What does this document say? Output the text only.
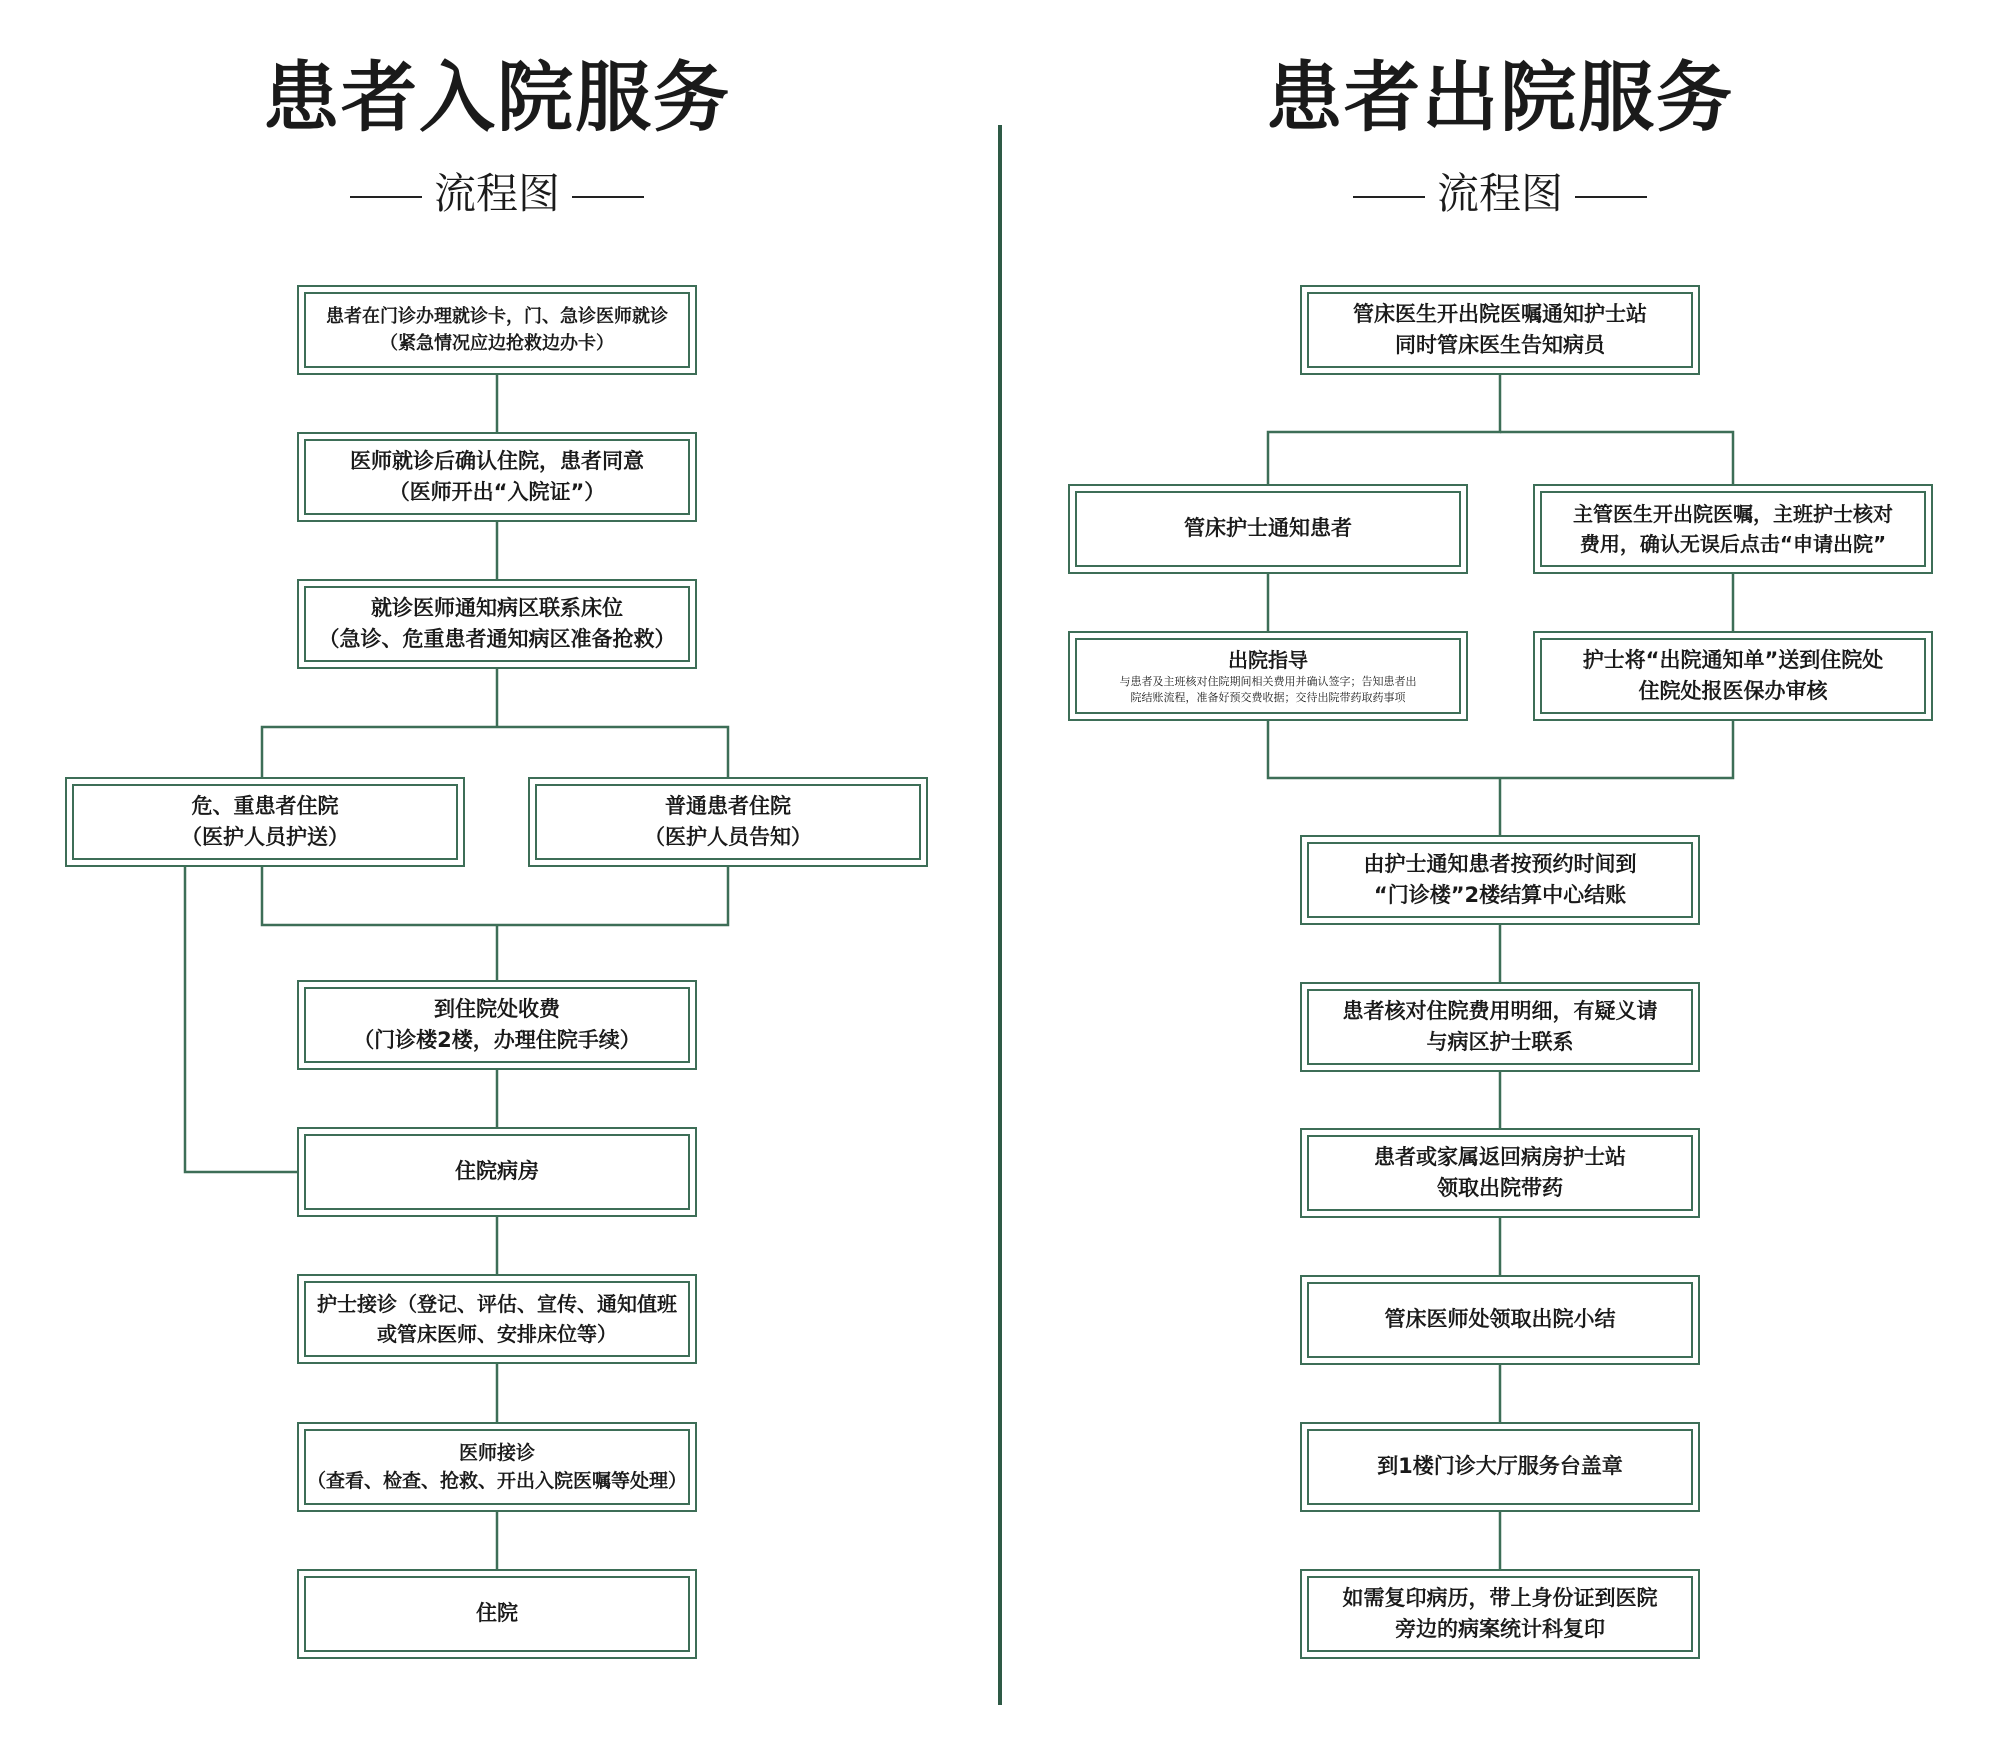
患者入院服务
流程图
患者在门诊办理就诊卡，门、急诊医师就诊
（紧急情况应边抢救边办卡）
医师就诊后确认住院，患者同意
（医师开出“入院证”）
就诊医师通知病区联系床位
（急诊、危重患者通知病区准备抢救）
危、重患者住院
（医护人员护送）
普通患者住院
（医护人员告知）
到住院处收费
（门诊楼2楼，办理住院手续）
住院病房
护士接诊（登记、评估、宣传、通知值班
或管床医师、安排床位等）
医师接诊
（查看、检查、抢救、开出入院医嘱等处理）
住院
患者出院服务
流程图
管床医生开出院医嘱通知护士站
同时管床医生告知病员
管床护士通知患者
主管医生开出院医嘱，主班护士核对
费用，确认无误后点击“申请出院”
出院指导
与患者及主班核对住院期间相关费用并确认签字；告知患者出
院结账流程，准备好预交费收据；交待出院带药取药事项
护士将“出院通知单”送到住院处
住院处报医保办审核
由护士通知患者按预约时间到
“门诊楼”2楼结算中心结账
患者核对住院费用明细，有疑义请
与病区护士联系
患者或家属返回病房护士站
领取出院带药
管床医师处领取出院小结
到1楼门诊大厅服务台盖章
如需复印病历，带上身份证到医院
旁边的病案统计科复印
